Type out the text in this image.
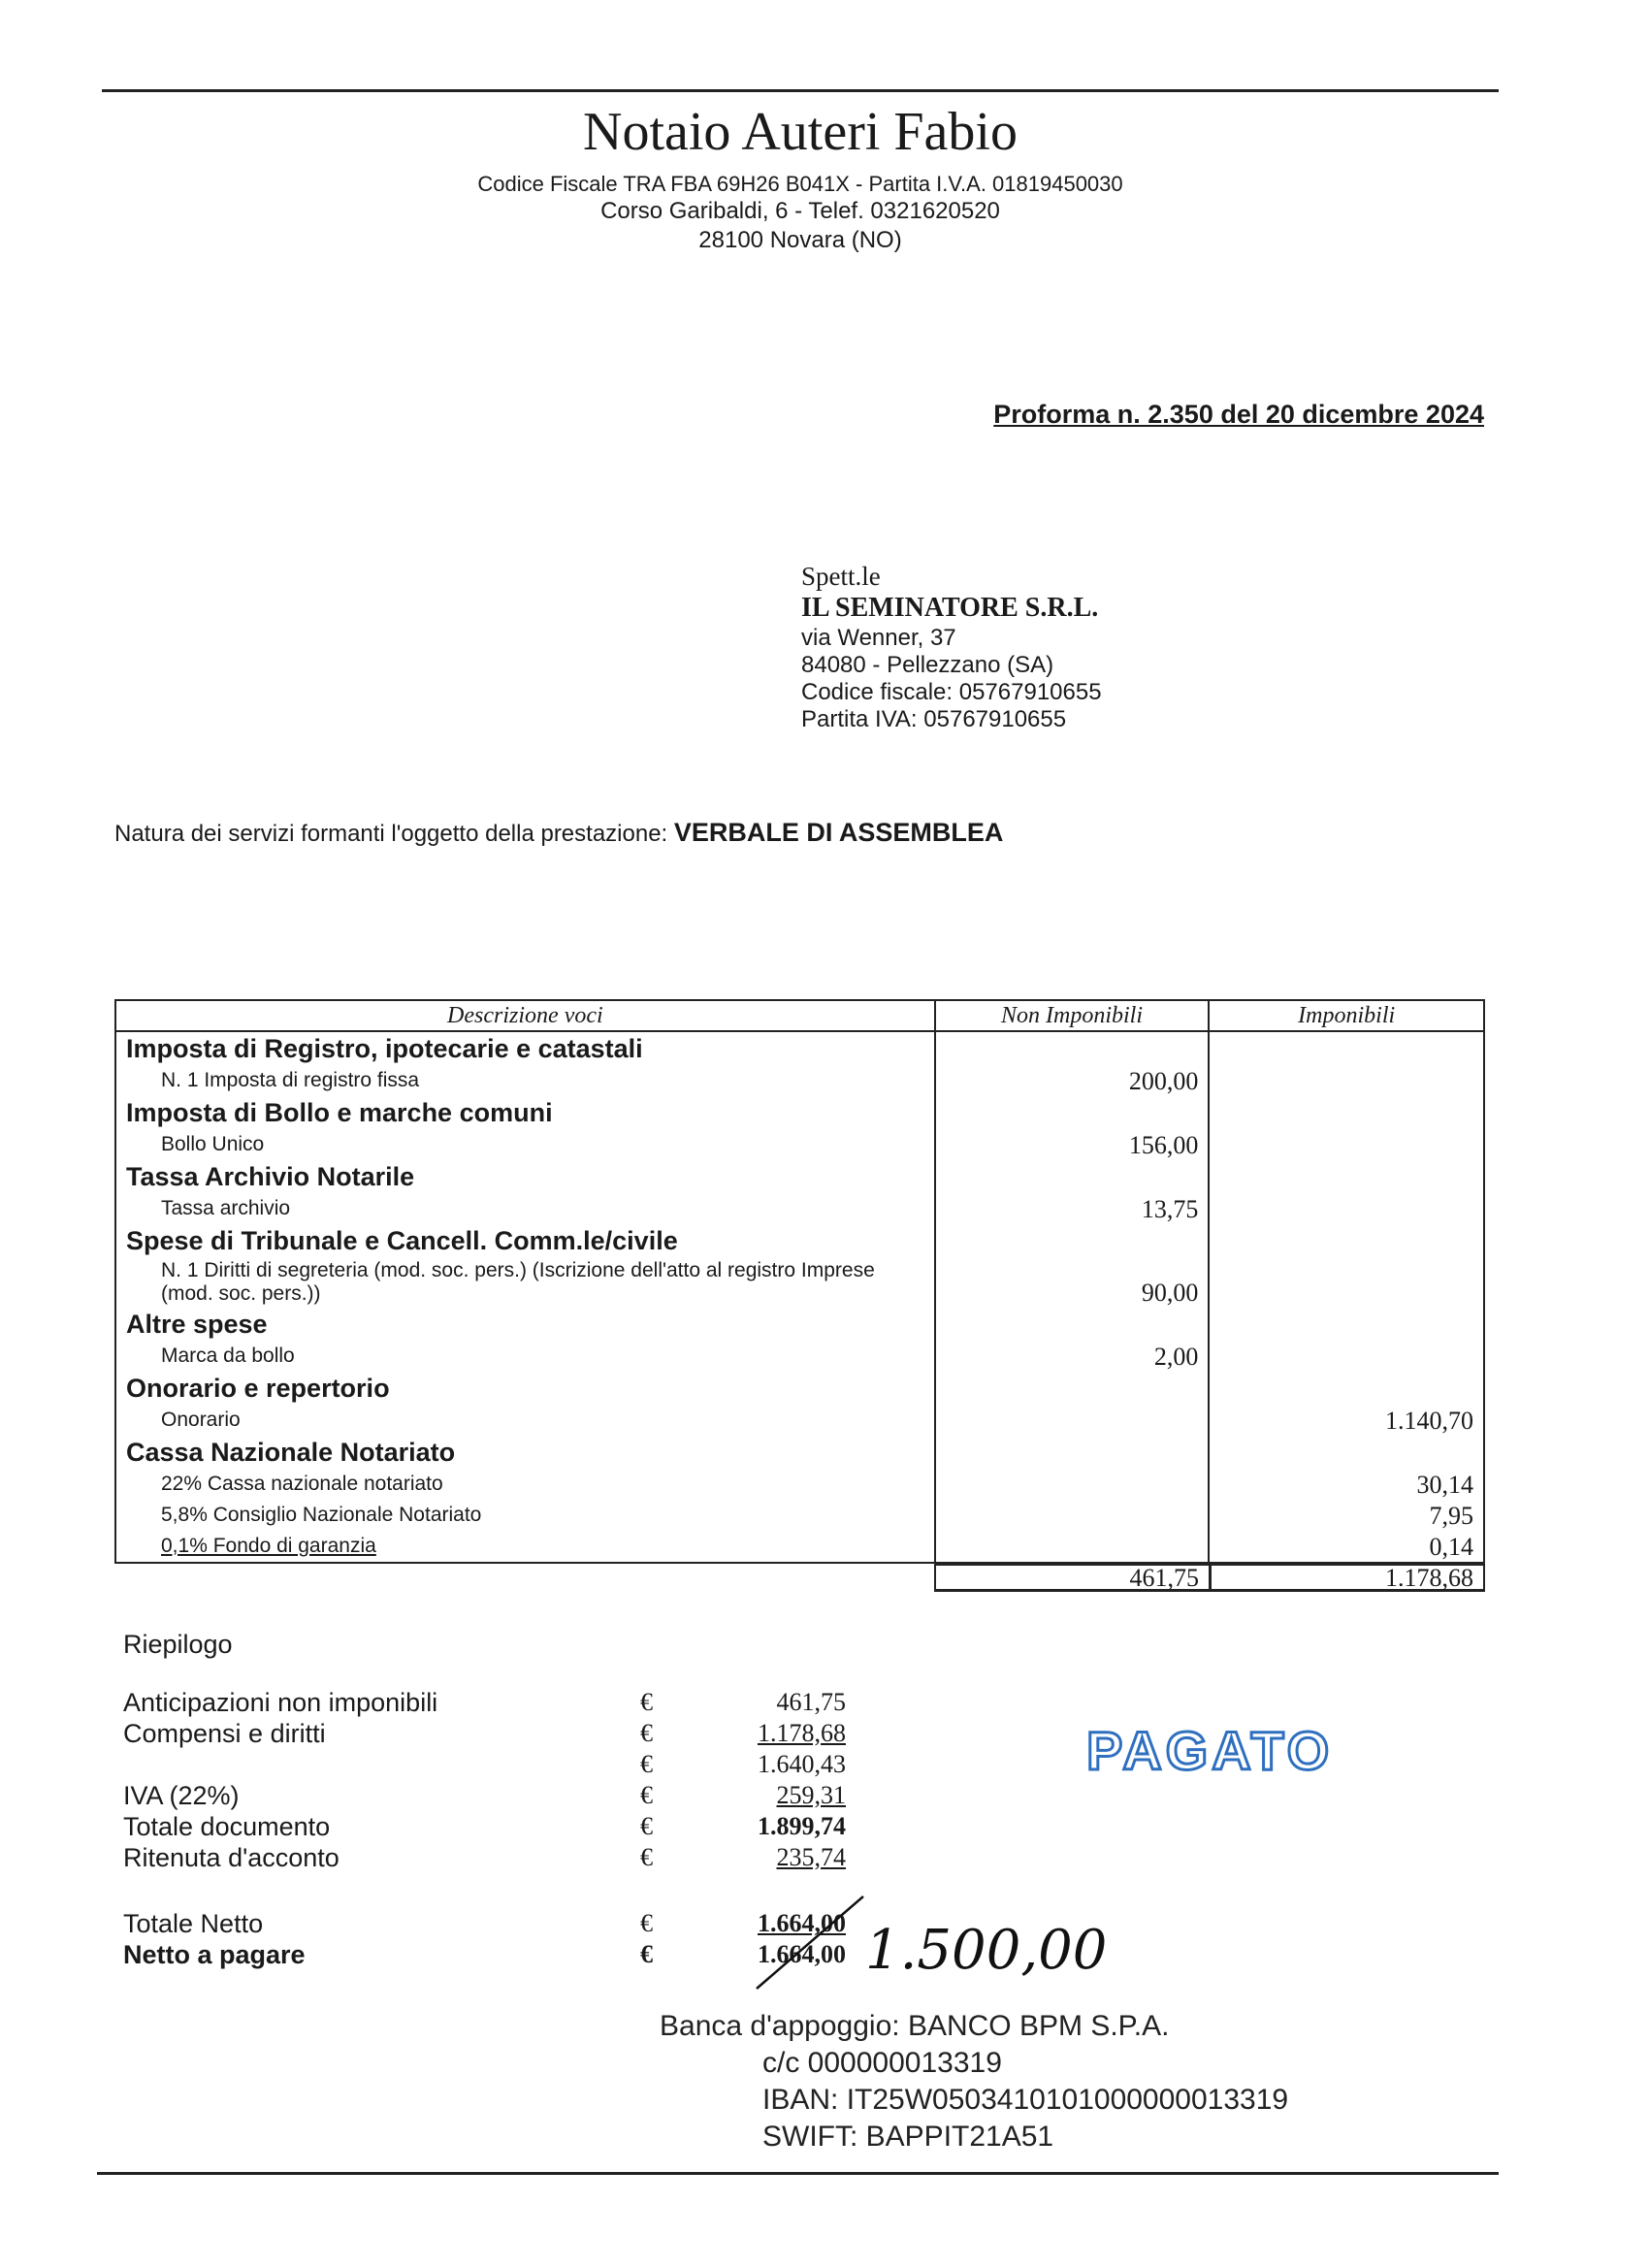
Notaio Auteri Fabio
Codice Fiscale TRA FBA 69H26 B041X - Partita I.V.A. 01819450030
Corso Garibaldi, 6 - Telef. 0321620520
28100 Novara (NO)
Proforma n. 2.350 del 20 dicembre 2024
Spett.le
IL SEMINATORE S.R.L.
via Wenner, 37
84080 - Pellezzano (SA)
Codice fiscale: 05767910655
Partita IVA: 05767910655
Natura dei servizi formanti l'oggetto della prestazione: VERBALE DI ASSEMBLEA
Descrizione voci	Non Imponibili	Imponibili
Imposta di Registro, ipotecarie e catastali		
N. 1 Imposta di registro fissa	200,00	
Imposta di Bollo e marche comuni		
Bollo Unico	156,00	
Tassa Archivio Notarile		
Tassa archivio	13,75	
Spese di Tribunale e Cancell. Comm.le/civile		
N. 1 Diritti di segreteria (mod. soc. pers.) (Iscrizione dell'atto al registro Imprese (mod. soc. pers.))	90,00	
Altre spese		
Marca da bollo	2,00	
Onorario e repertorio		
Onorario		1.140,70
Cassa Nazionale Notariato		
22% Cassa nazionale notariato		30,14
5,8% Consiglio Nazionale Notariato		7,95
0,1% Fondo di garanzia		0,14
461,75	1.178,68
Riepilogo
Anticipazioni non imponibili	€	461,75
Compensi e diritti	€	1.178,68
€	1.640,43
IVA (22%)	€	259,31
Totale documento	€	1.899,74
Ritenuta d'acconto	€	235,74
Totale Netto	€	1.664,00
Netto a pagare	€	1.664,00
PAGATO
1.500,00
Banca d'appoggio: BANCO BPM S.P.A.
c/c 000000013319
IBAN: IT25W0503410101000000013319
SWIFT: BAPPIT21A51
